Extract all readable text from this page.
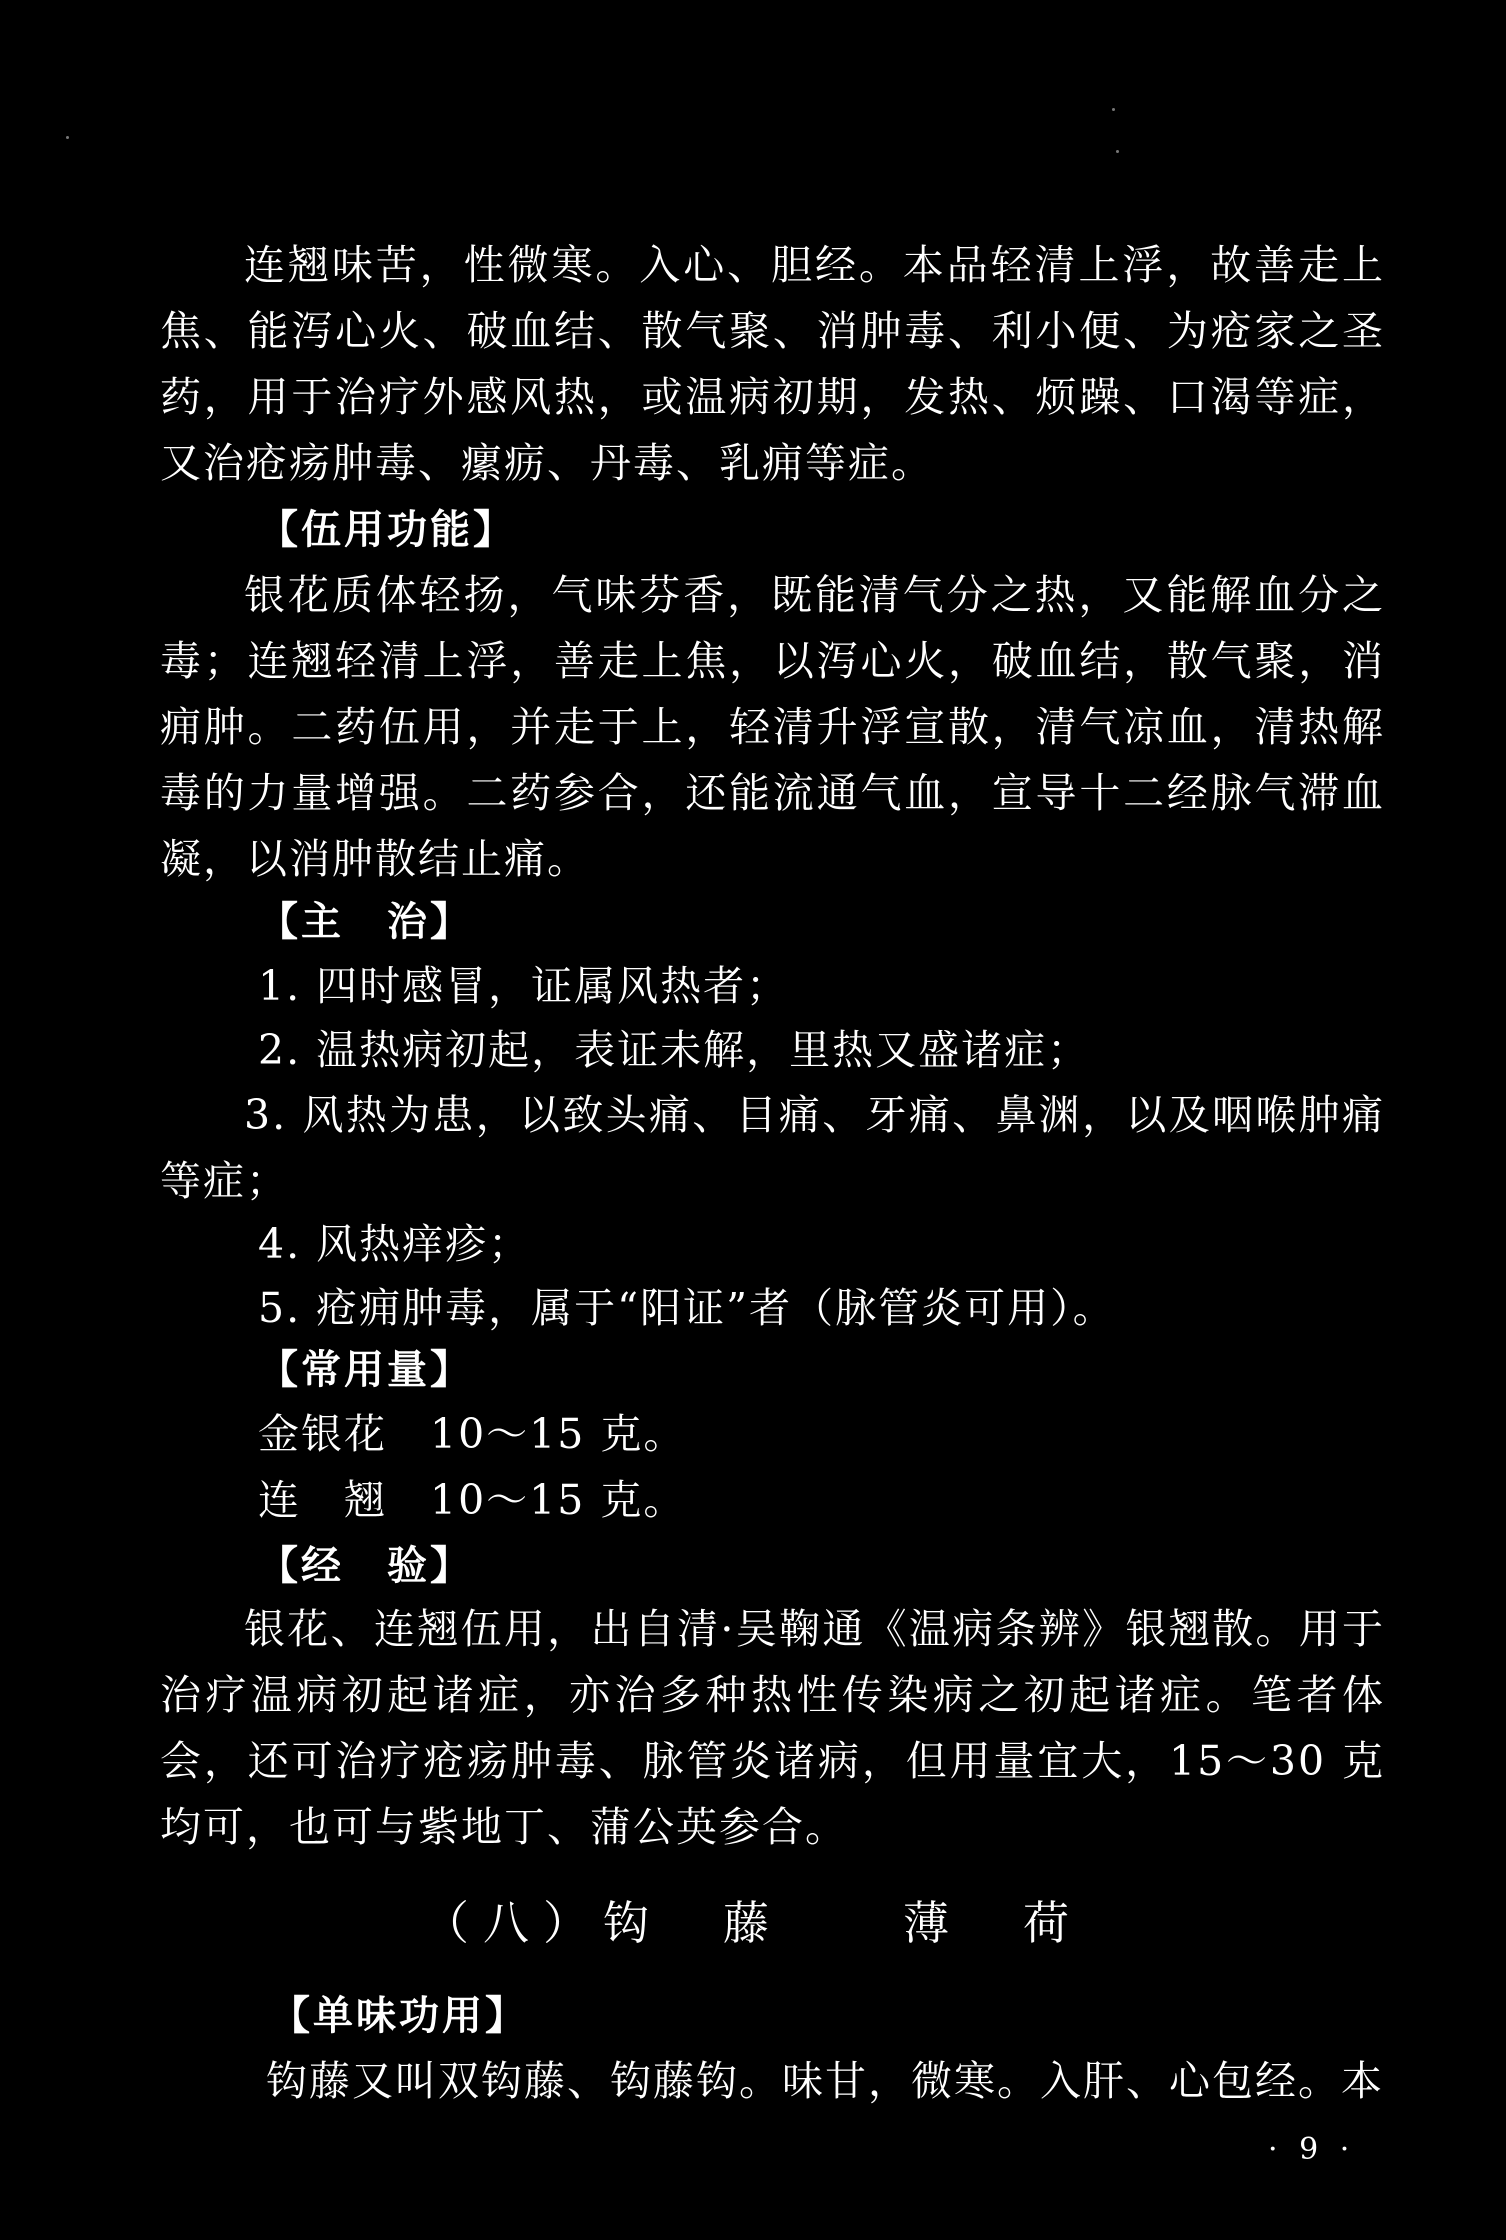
连翘味苦，性微寒。入心、胆经。本品轻清上浮，故善走上焦、能泻心火、破血结、散气聚、消肿毒、利小便、为疮家之圣药，用于治疗外感风热，或温病初期，发热、烦躁、口渴等症，又治疮疡肿毒、瘰疬、丹毒、乳痈等症。

【伍用功能】

银花质体轻扬，气味芬香，既能清气分之热，又能解血分之毒；连翘轻清上浮，善走上焦，以泻心火，破血结，散气聚，消痈肿。二药伍用，并走于上，轻清升浮宣散，清气凉血，清热解毒的力量增强。二药参合，还能流通气血，宣导十二经脉气滞血凝，以消肿散结止痛。

【主　治】
1. 四时感冒，证属风热者；
2. 温热病初起，表证未解，里热又盛诸症；

3. 风热为患，以致头痛、目痛、牙痛、鼻渊，以及咽喉肿痛等症；

4. 风热痒疹；
5. 疮痈肿毒，属于“阳证”者（脉管炎可用）。
【常用量】
金银花　10～15 克。
连　翘　10～15 克。
【经　验】

银花、连翘伍用，出自清·吴鞠通《温病条辨》银翘散。用于治疗温病初起诸症，亦治多种热性传染病之初起诸症。笔者体会，还可治疗疮疡肿毒、脉管炎诸病，但用量宜大，15～30 克均可，也可与紫地丁、蒲公英参合。

（八）钩　藤　　薄　荷
【单味功用】

钩藤又叫双钩藤、钩藤钩。味甘，微寒。入肝、心包经。本

· 9 ·
